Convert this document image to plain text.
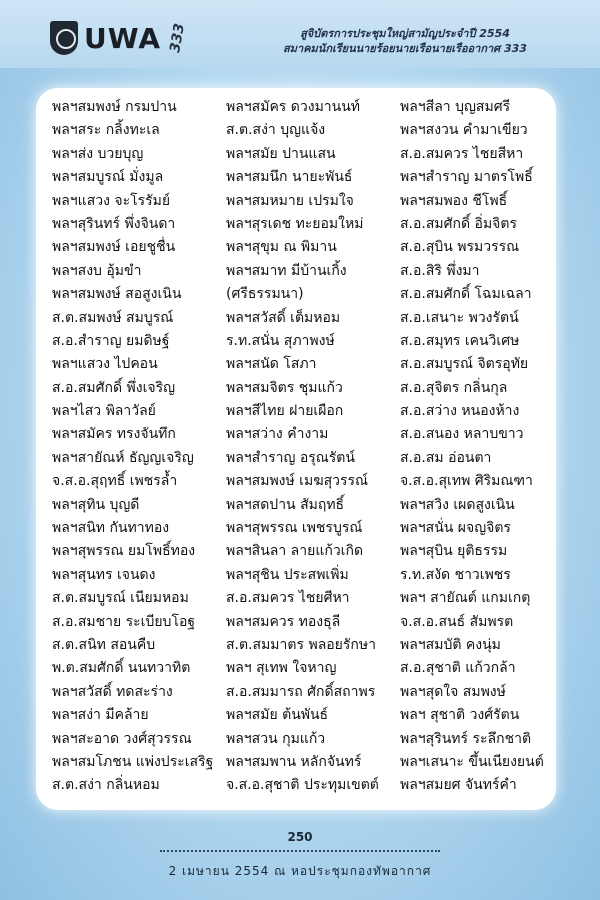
UWA 333	สูจิบัตรการประชุมใหญ่สามัญประจำปี 2554
สมาคมนักเรียนนายร้อยนายเรือนายเรืออากาศ 333
พลฯสมพงษ์ กรมปาน
พลฯสระ กลิ้งทะเล
พลฯส่ง บวยบุญ
พลฯสมบูรณ์ มั่งมูล
พลฯแสวง จะโรรัมย์
พลฯสุรินทร์ พึ่งจินดา
พลฯสมพงษ์ เอยชูชื่น
พลฯสงบ อุ้มขำ
พลฯสมพงษ์ สอสูงเนิน
ส.ต.สมพงษ์ สมบูรณ์
ส.อ.สำราญ ยมดิษฐ์
พลฯแสวง ไปคอน
ส.อ.สมศักดิ์ พึ่งเจริญ
พลฯไสว พิลาวัลย์
พลฯสมัคร ทรงจันทึก
พลฯสายัณห์ ธัญญเจริญ
จ.ส.อ.สุฤทธิ์ เพชรล้ำ
พลฯสุทิน บุญดี
พลฯสนิท กันทาทอง
พลฯสุพรรณ ยมโพธิ์ทอง
พลฯสุนทร เจนดง
ส.ต.สมบูรณ์ เนียมหอม
ส.อ.สมชาย ระเบียบโอฐ
ส.ต.สนิท สอนคืบ
พ.ต.สมศักดิ์ นนทวาทิต
พลฯสวัสดิ์ ทดสะร่าง
พลฯสง่า มีคล้าย
พลฯสะอาด วงศ์สุวรรณ
พลฯสมโภชน แพ่งประเสริฐ
ส.ต.สง่า กลิ่นหอม
พลฯสมัคร ดวงมานนท์
ส.ต.สง่า บุญแจ้ง
พลฯสมัย ปานแสน
พลฯสมนึก นายะพันธ์
พลฯสมหมาย เปรมใจ
พลฯสุรเดช ทะยอมใหม่
พลฯสุขุม ณ พิมาน
พลฯสมาท มีบ้านเกิ้ง
(ศรีธรรมนา)
พลฯสวัสดิ์ เต็มหอม
ร.ท.สนั่น สุภาพงษ์
พลฯสนัด โสภา
พลฯสมจิตร ชุมแก้ว
พลฯสีไทย ฝายเผือก
พลฯสว่าง คำงาม
พลฯสำราญ อรุณรัตน์
พลฯสมพงษ์ เมฆสุวรรณ์
พลฯสดปาน สัมฤทธิ์
พลฯสุพรรณ เพชรบูรณ์
พลฯสินลา ลายแก้วเกิด
พลฯสุชิน ประสพเพิ่ม
ส.อ.สมควร ไชยศีหา
พลฯสมควร ทองธุลี
ส.ต.สมมาตร พลอยรักษา
พลฯ สุเทพ ใจหาญ
ส.อ.สมมารถ ศักดิ์สถาพร
พลฯสมัย ต้นพันธ์
พลฯสวน กุมแก้ว
พลฯสมพาน หลักจันทร์
จ.ส.อ.สุชาติ ประทุมเขตต์
พลฯสีลา บุญสมศรี
พลฯสงวน คำมาเขียว
ส.อ.สมควร ไชยสีหา
พลฯสำราญ มาตรโพธิ์
พลฯสมพอง ชีโพธิ์
ส.อ.สมศักดิ์ อิ่มจิตร
ส.อ.สุบิน พรมวรรณ
ส.อ.สิริ พึ่งมา
ส.อ.สมศักดิ์ โฉมเฉลา
ส.อ.เสนาะ พวงรัตน์
ส.อ.สมุทร เคนวิเศษ
ส.อ.สมบูรณ์ จิตรอุทัย
ส.อ.สุจิตร กลิ่นกุล
ส.อ.สว่าง หนองห้าง
ส.อ.สนอง หลาบขาว
ส.อ.สม อ่อนตา
จ.ส.อ.สุเทพ ศิริมณฑา
พลฯสวิง เผดสูงเนิน
พลฯสนั่น ผจญจิตร
พลฯสุบิน ยุติธรรม
ร.ท.สงัด ชาวเพชร
พลฯ สายัณต์ แกมเกตุ
จ.ส.อ.สนธ์ สัมพรต
พลฯสมบัติ คงนุ่ม
ส.อ.สุชาติ แก้วกล้า
พลฯสุดใจ สมพงษ์
พลฯ สุชาติ วงศ์รัตน
พลฯสุรินทร์ ระลึกชาติ
พลฯเสนาะ ขึ้นเนียงยนต์
พลฯสมยศ จันทร์คำ
250
2 เมษายน 2554 ณ หอประชุมกองทัพอากาศ
